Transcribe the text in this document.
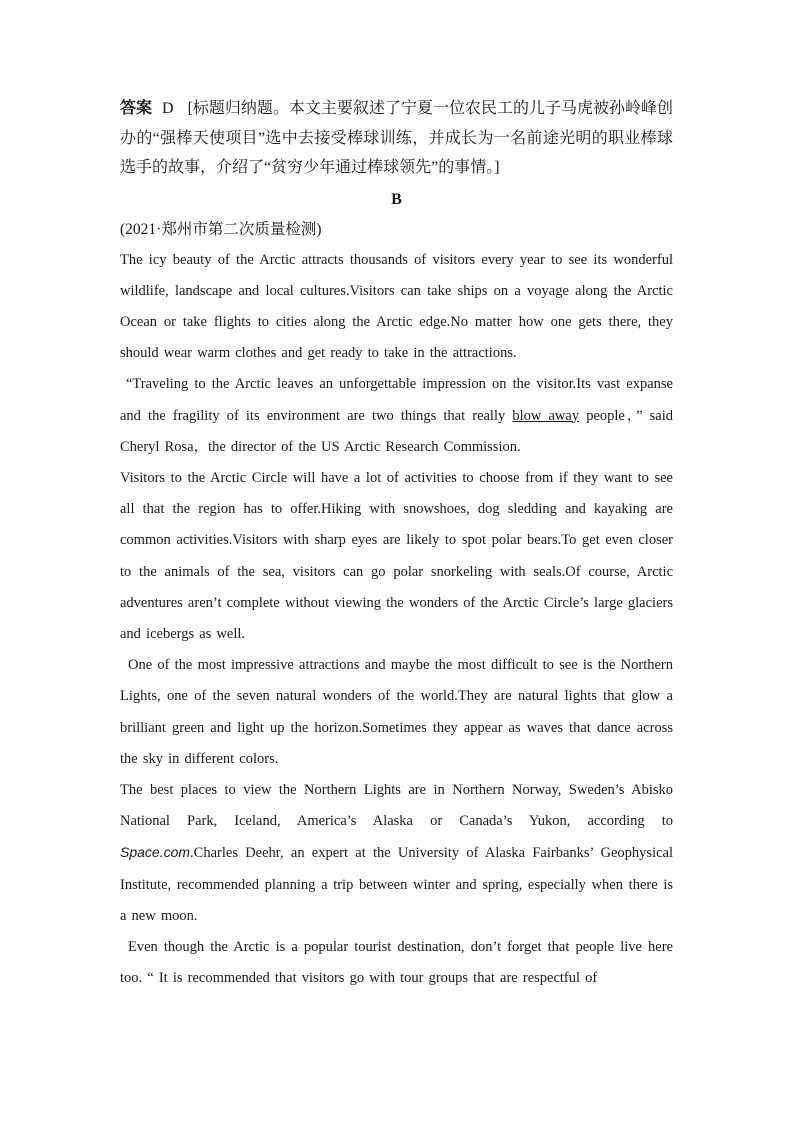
答案 D [标题归纳题。本文主要叙述了宁夏一位农民工的儿子马虎被孙岭峰创办的“强棒天使项目”选中去接受棒球训练，并成长为一名前途光明的职业棒球选手的故事，介绍了“贫穷少年通过棒球领先”的事情。]

B

(2021·郑州市第二次质量检测)

The icy beauty of the Arctic attracts thousands of visitors every year to see its wonderful wildlife, landscape and local cultures.Visitors can take ships on a voyage along the Arctic Ocean or take flights to cities along the Arctic edge.No matter how one gets there, they should wear warm clothes and get ready to take in the attractions.

“Traveling to the Arctic leaves an unforgettable impression on the visitor.Its vast expanse and the fragility of its environment are two things that really blow away people，” said Cheryl Rosa，the director of the US Arctic Research Commission.

Visitors to the Arctic Circle will have a lot of activities to choose from if they want to see all that the region has to offer.Hiking with snowshoes, dog sledding and kayaking are common activities.Visitors with sharp eyes are likely to spot polar bears.To get even closer to the animals of the sea, visitors can go polar snorkeling with seals.Of course, Arctic adventures aren’t complete without viewing the wonders of the Arctic Circle’s large glaciers and icebergs as well.

One of the most impressive attractions and maybe the most difficult to see is the Northern Lights, one of the seven natural wonders of the world.They are natural lights that glow a brilliant green and light up the horizon.Sometimes they appear as waves that dance across the sky in different colors.

The best places to view the Northern Lights are in Northern Norway, Sweden’s Abisko National Park, Iceland, America’s Alaska or Canada’s Yukon, according to Space.com.Charles Deehr, an expert at the University of Alaska Fairbanks’ Geophysical Institute, recommended planning a trip between winter and spring, especially when there is a new moon.

Even though the Arctic is a popular tourist destination, don’t forget that people live here too. “ It is recommended that visitors go with tour groups that are respectful of
